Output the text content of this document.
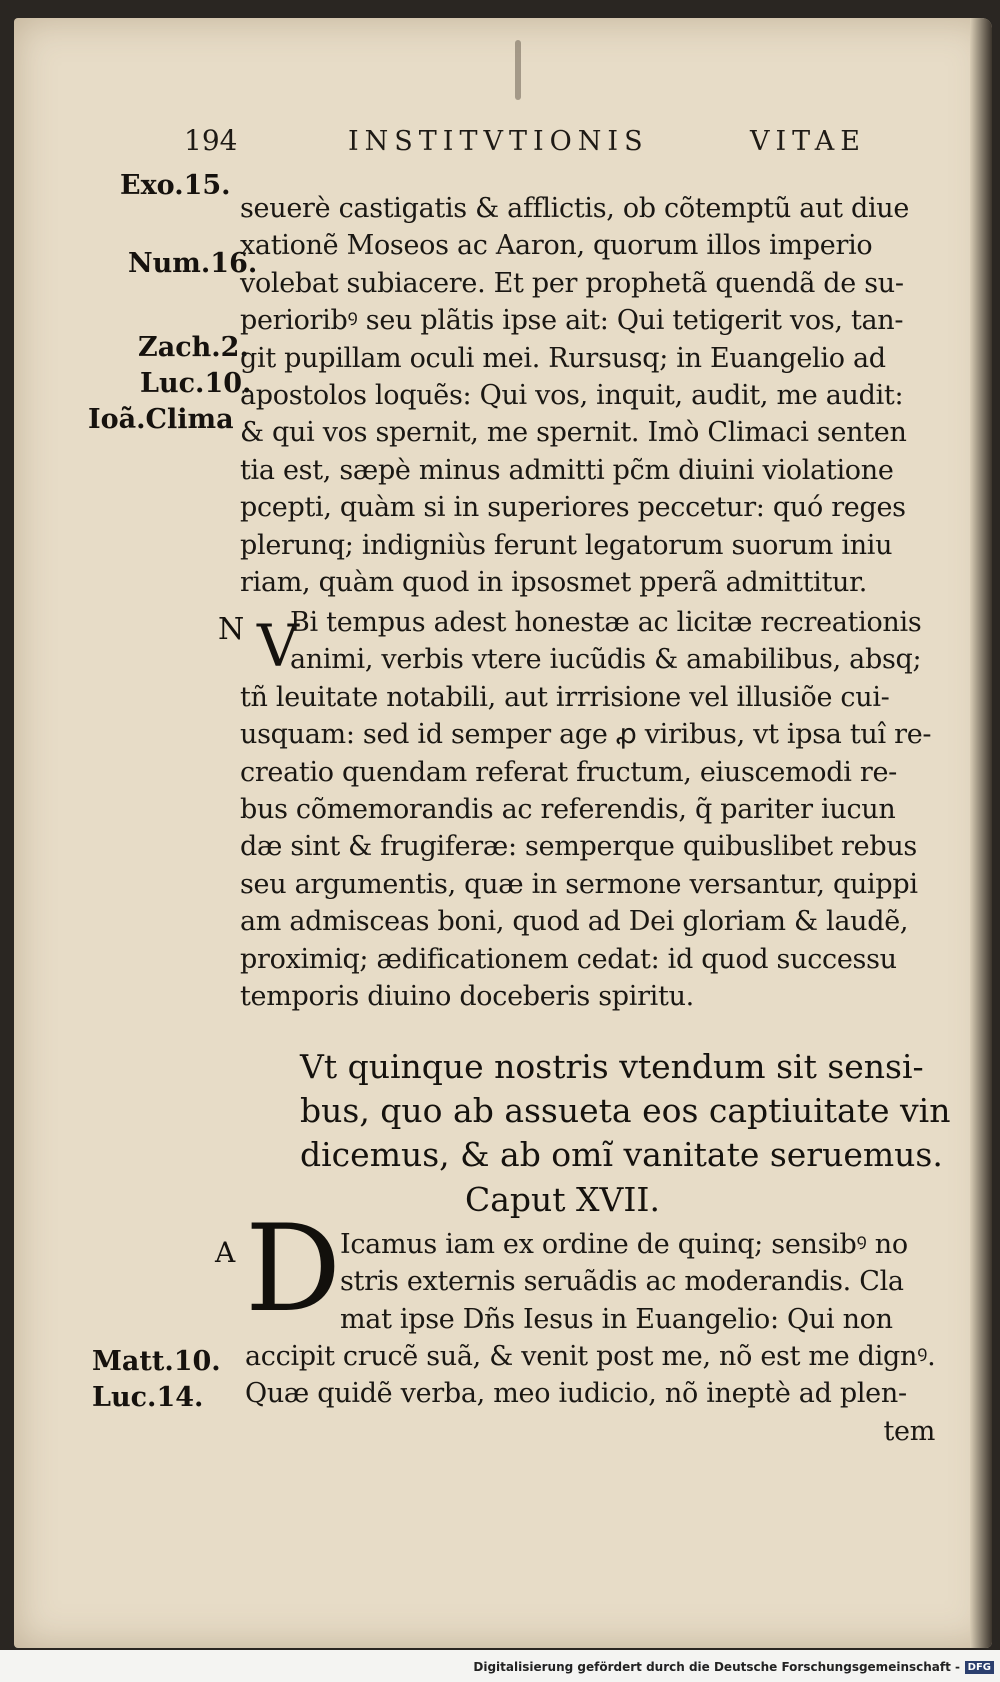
194	INSTITVTIONIS	VITAE
Exo.15.
Num.16.
Zach.2.
Luc.10.
Ioã.Clima
Matt.10.
Luc.14.

seuerè castigatis & afflictis, ob cõtemptũ aut diue

xationẽ Moseos ac Aaron, quorum illos imperio

volebat subiacere. Et per prophetã quendã de su-

perioribꝰ seu plãtis ipse ait: Qui tetigerit vos, tan-

git pupillam oculi mei. Rursusq; in Euangelio ad

apostolos loquẽs: Qui vos, inquit, audit, me audit:

& qui vos spernit, me spernit. Imò Climaci senten

tia est, sæpè minus admitti pc̃m diuini violatione

pcepti, quàm si in superiores peccetur: quó reges

plerunq; indigniùs ferunt legatorum suorum iniu

riam, quàm quod in ipsosmet pperã admittitur.

N V

Bi tempus adest honestæ ac licitæ recreationis

animi, verbis vtere iucũdis & amabilibus, absq;

tñ leuitate notabili, aut irrrisione vel illusiõe cui-

usquam: sed id semper age ꝓ viribus, vt ipsa tuî re-

creatio quendam referat fructum, eiuscemodi re-

bus cõmemorandis ac referendis, q̃ pariter iucun

dæ sint & frugiferæ: semperque quibuslibet rebus

seu argumentis, quæ in sermone versantur, quippi

am admisceas boni, quod ad Dei gloriam & laudẽ,

proximiq; ædificationem cedat: id quod successu

temporis diuino doceberis spiritu.

Vt quinque nostris vtendum sit sensi-

bus, quo ab assueta eos captiuitate vin

dicemus, & ab omĩ vanitate seruemus.

Caput XVII.
A D

Icamus iam ex ordine de quinq; sensibꝰ no

stris externis seruãdis ac moderandis. Cla

mat ipse Dñs Iesus in Euangelio: Qui non

accipit crucẽ suã, & venit post me, nõ est me dignꝰ.

Quæ quidẽ verba, meo iudicio, nõ ineptè ad plen-

tem

Digitalisierung gefördert durch die Deutsche Forschungsgemeinschaft - DFG
